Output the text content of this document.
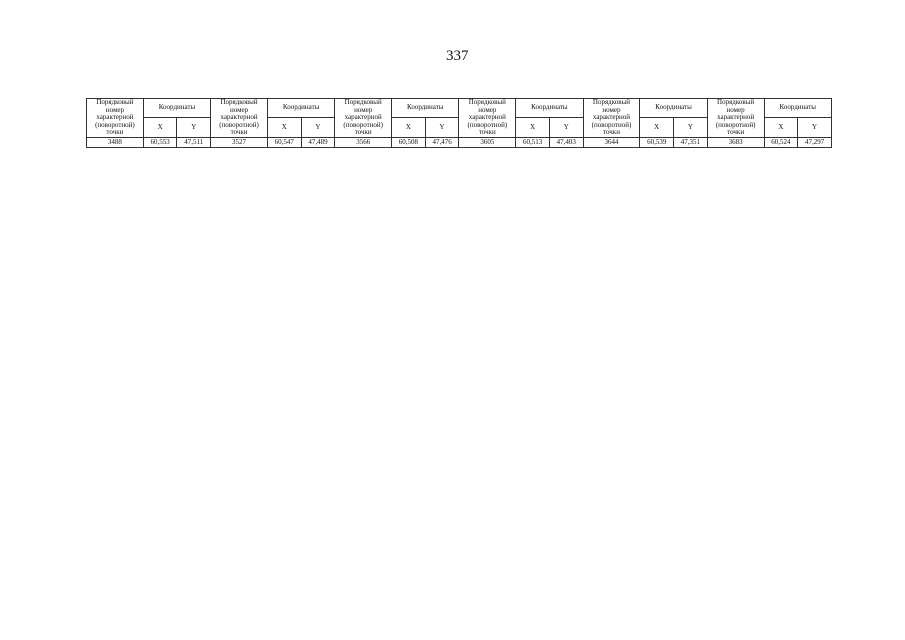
337
Порядковый номер характерной (поворотной) точки	Координаты		Порядковый номер характерной (поворотной) точки	Координаты		Порядковый номер характерной (поворотной) точки	Координаты		Порядковый номер характерной (поворотной) точки	Координаты		Порядковый номер характерной (поворотной) точки	Координаты		Порядковый номер характерной (поворотной) точки	Координаты	
	X	Y		X	Y		X	Y		X	Y		X	Y		X	Y
3488	60,553	47,511	3527	60,547	47,489	3566	60,508	47,476	3605	60,513	47,403	3644	60,539	47,351	3683	60,524	47,297
